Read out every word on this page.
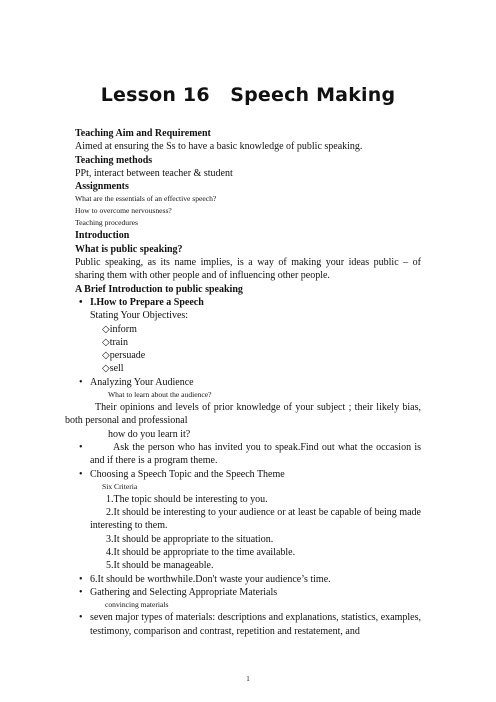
Lesson 16   Speech Making
Teaching Aim and Requirement
Aimed at ensuring the Ss to have a basic knowledge of public speaking.
Teaching methods
PPt, interact between teacher & student
Assignments
What are the essentials of an effective speech?
How to overcome nervousness?
Teaching procedures
Introduction
What is public speaking?
Public speaking, as its name implies, is a way of making your ideas public – of sharing them with other people and of influencing other people.
A Brief Introduction to public speaking
• I.How to Prepare a Speech
Stating Your Objectives:
◇inform
◇train
◇persuade
◇sell
• Analyzing Your Audience
What to learn about the audience?
Their opinions and levels of prior knowledge of your subject ; their likely bias, both personal and professional
how do you learn it?
•	Ask the person who has invited you to speak.Find out what the occasion is and if there is a program theme.
• Choosing a Speech Topic and the Speech Theme
Six Criteria
1.The topic should be interesting to you.
2.It should be interesting to your audience or at least be capable of being made interesting to them.
3.It should be appropriate to the situation.
4.It should be appropriate to the time available.
5.It should be manageable.
• 6.It should be worthwhile.Don't waste your audience’s time.
• Gathering and Selecting Appropriate Materials
convincing materials
• seven major types of materials: descriptions and explanations, statistics, examples, testimony, comparison and contrast, repetition and restatement, and
1
